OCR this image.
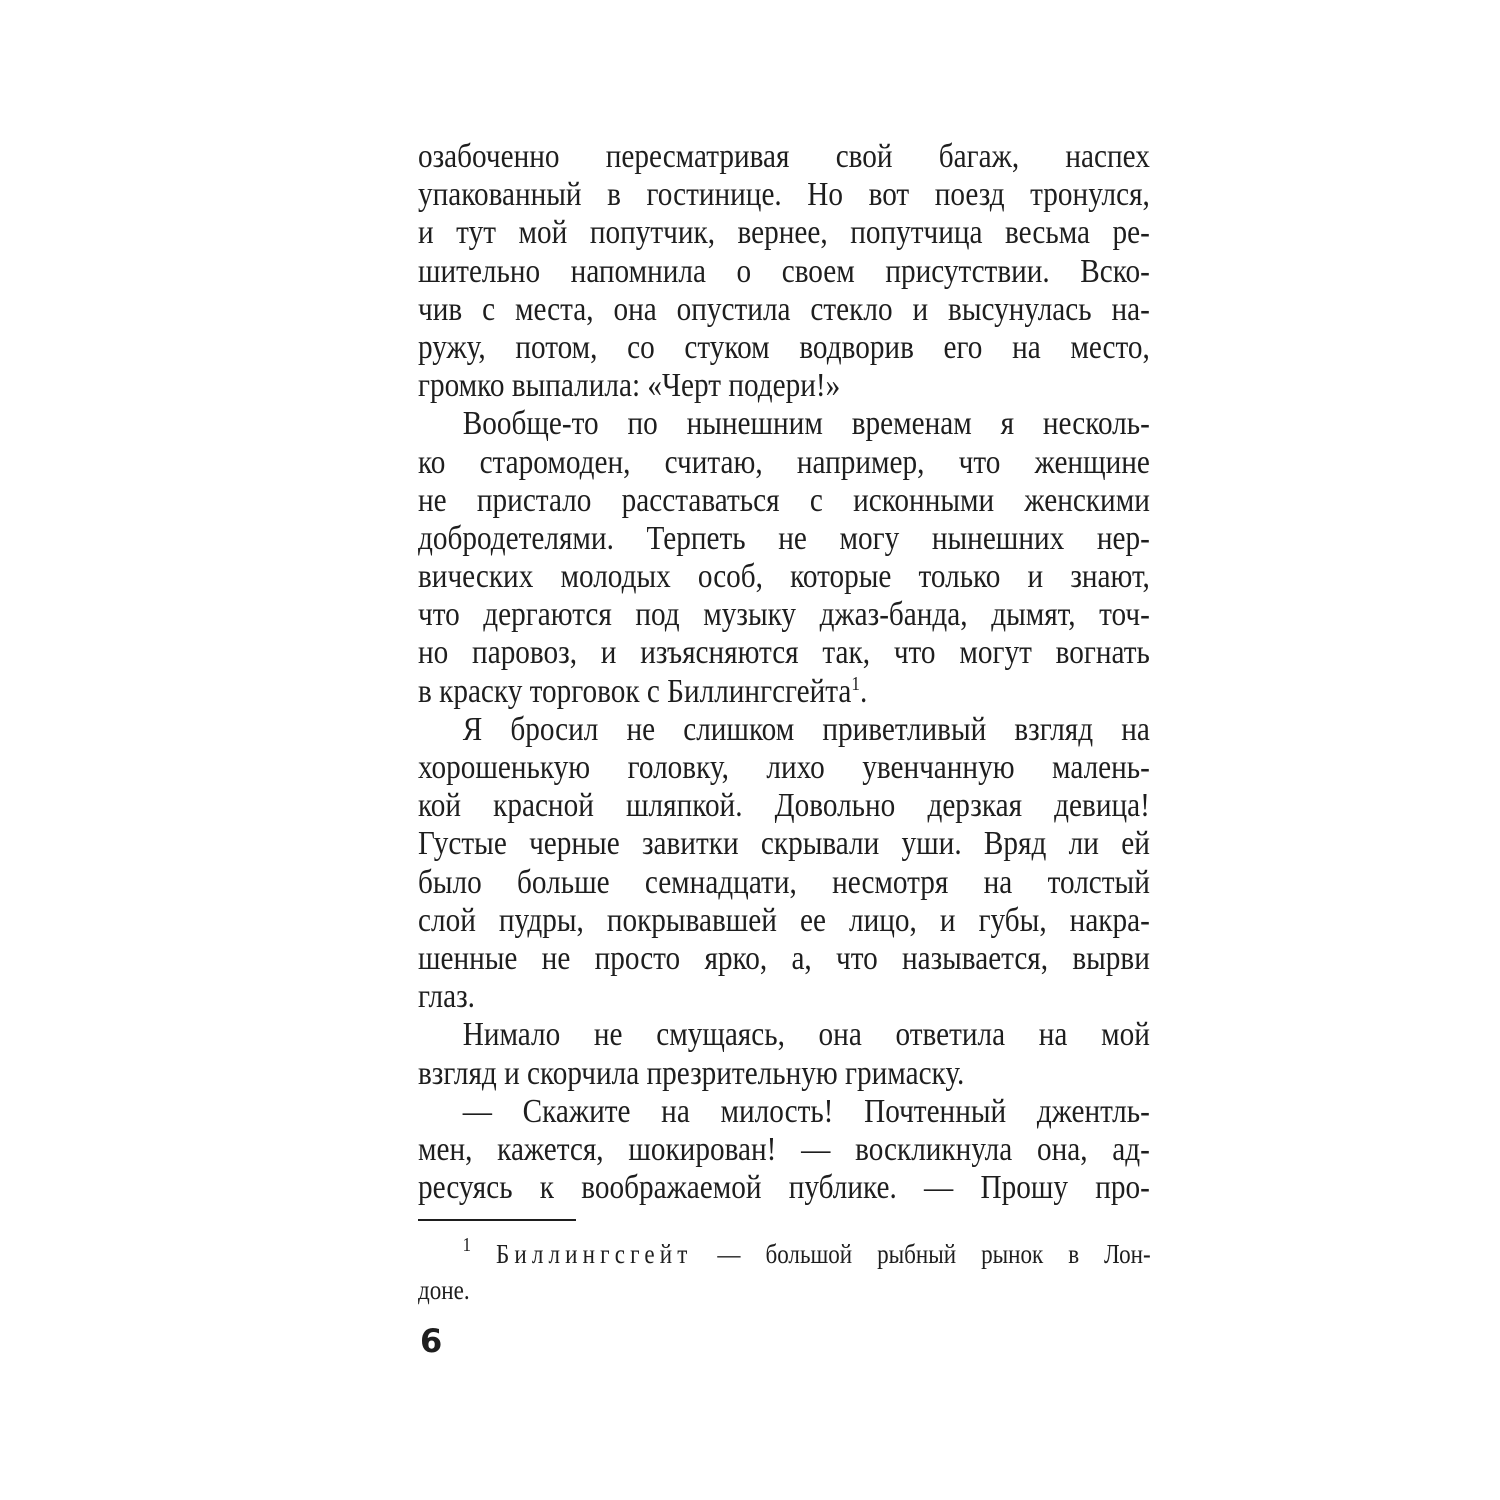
озабоченно пересматривая свой багаж, наспех
упакованный в гостинице. Но вот поезд тронулся,
и тут мой попутчик, вернее, попутчица весьма ре-
шительно напомнила о своем присутствии. Вско-
чив с места, она опустила стекло и высунулась на-
ружу, потом, со стуком водворив его на место,
громко выпалила: «Черт подери!»
Вообще-то по нынешним временам я несколь-
ко старомоден, считаю, например, что женщине
не пристало расставаться с исконными женскими
добродетелями. Терпеть не могу нынешних нер-
вических молодых особ, которые только и знают,
что дергаются под музыку джаз-банда, дымят, точ-
но паровоз, и изъясняются так, что могут вогнать
в краску торговок с Биллингсгейта$^1$.
Я бросил не слишком приветливый взгляд на
хорошенькую головку, лихо увенчанную малень-
кой красной шляпкой. Довольно дерзкая девица!
Густые черные завитки скрывали уши. Вряд ли ей
было больше семнадцати, несмотря на толстый
слой пудры, покрывавшей ее лицо, и губы, накра-
шенные не просто ярко, а, что называется, вырви
глаз.
Нимало не смущаясь, она ответила на мой
взгляд и скорчила презрительную гримаску.
— Скажите на милость! Почтенный джентль-
мен, кажется, шокирован! — воскликнула она, ад-
ресуясь к воображаемой публике. — Прошу про-
$^1$ Биллингсгейт — большой рыбный рынок в Лон-
доне.
6
